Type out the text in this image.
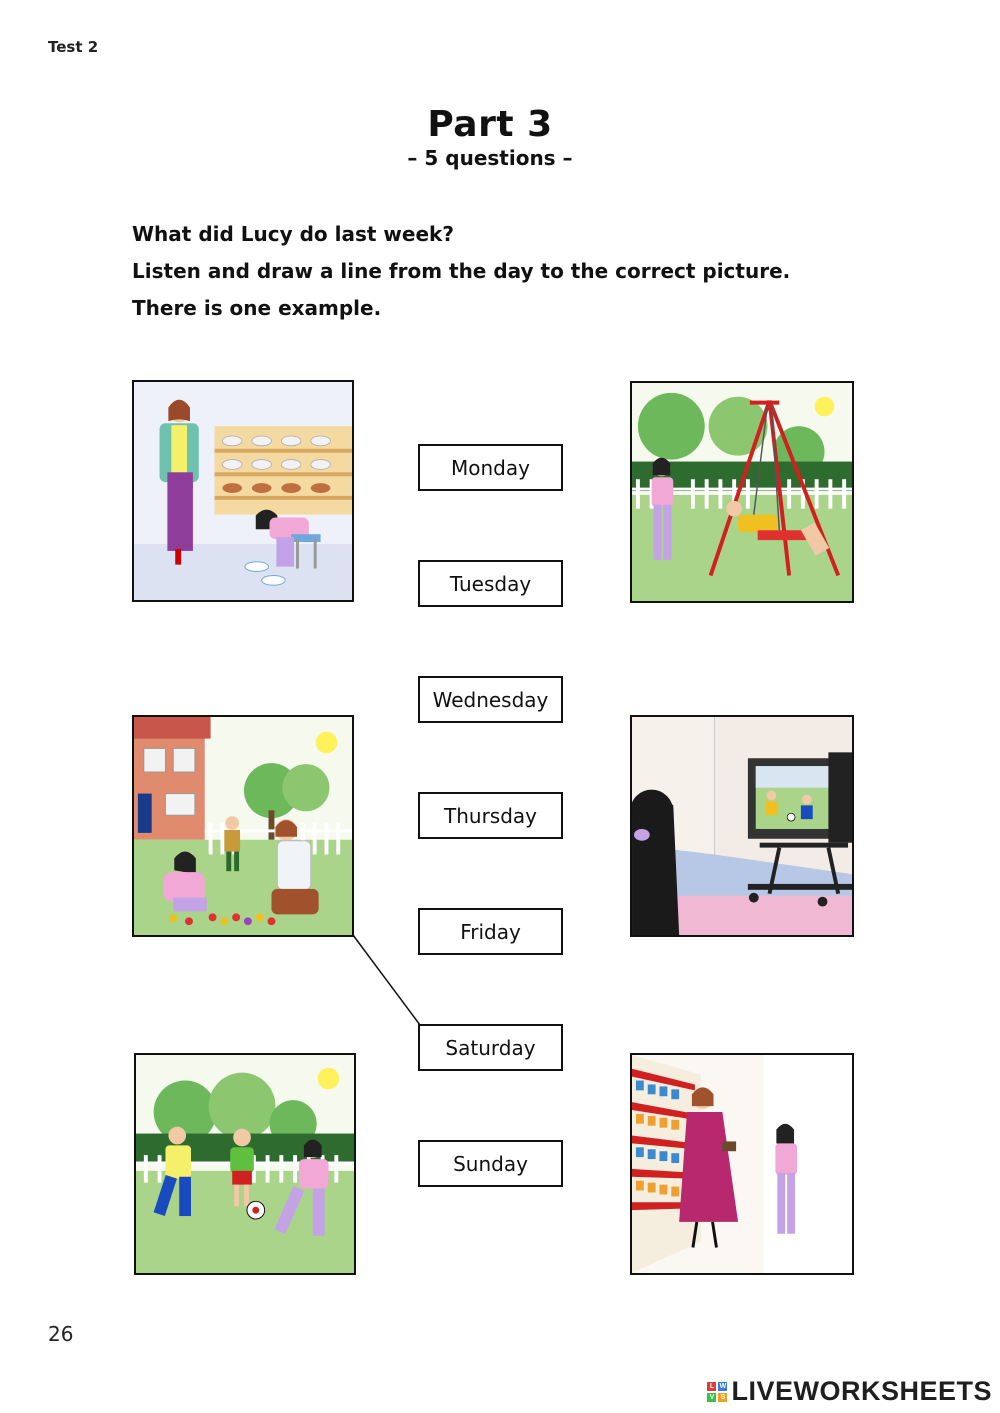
Test 2
Part 3
– 5 questions –
What did Lucy do last week?
Listen and draw a line from the day to the correct picture.
There is one example.
Monday
Tuesday
Wednesday
Thursday
Friday
Saturday
Sunday
26
L W
V S LIVEWORKSHEETS
